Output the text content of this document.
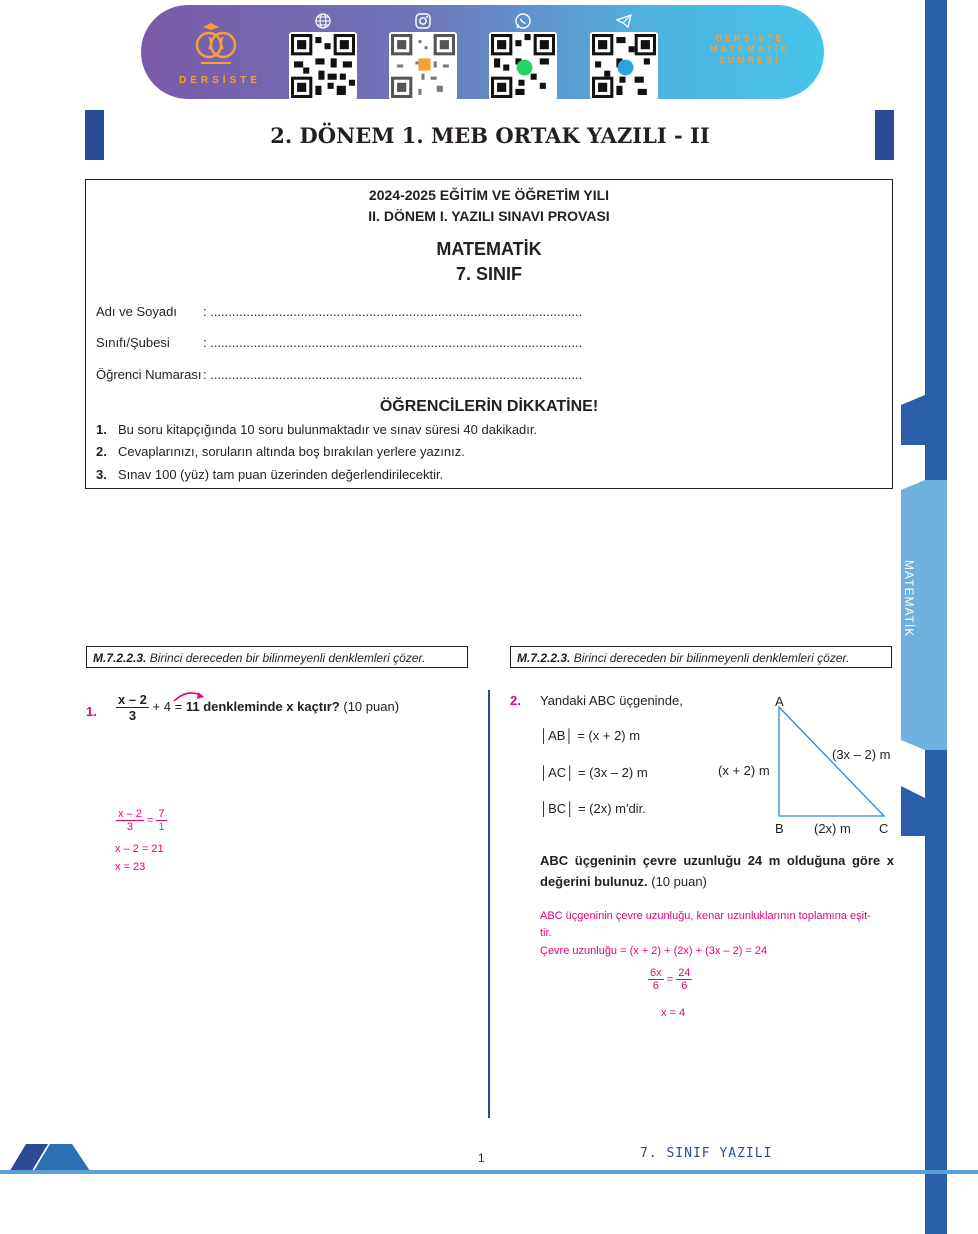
DERSİSTE
DERSİSTE
MATEMATİK
ZÜMRESİ
MATEMATİK
2. DÖNEM 1. MEB ORTAK YAZILI - II
2024-2025 EĞİTİM VE ÖĞRETİM YILI
II. DÖNEM I. YAZILI SINAVI PROVASI
MATEMATİK
7. SINIF
Adı ve Soyadı : .......................................................................................................
Sınıfı/Şubesi	: .......................................................................................................
Öğrenci Numarası : .......................................................................................................
ÖĞRENCİLERİN DİKKATİNE!
1. Bu soru kitapçığında 10 soru bulunmaktadır ve sınav süresi 40 dakikadır.
2. Cevaplarınızı, soruların altında boş bırakılan yerlere yazınız.
3. Sınav 100 (yüz) tam puan üzerinden değerlendirilecektir.
M.7.2.2.3. Birinci dereceden bir bilinmeyenli denklemleri çözer.	M.7.2.2.3. Birinci dereceden bir bilinmeyenli denklemleri çözer.
1. $\frac{x - 2}{3} + 4 = 11$ denkleminde x kaçtır? (10 puan)
$\frac{x - 2}{3} = \frac{7}{1}$
x – 2 = 21
x = 23
2. Yandaki ABC üçgeninde,
│AB│ = (x + 2) m
│AC│ = (3x – 2) m
│BC│ = (2x) m'dir.
A
B	C
(x + 2) m
(3x – 2) m
(2x) m
ABC üçgeninin çevre uzunluğu 24 m olduğuna göre x değerini bulunuz. (10 puan)
ABC üçgeninin çevre uzunluğu, kenar uzunluklarının toplamına eşit-
tir.
Çevre uzunluğu = (x + 2) + (2x) + (3x – 2) = 24
$\frac{6x}{6} = \frac{24}{6}$
x = 4
1	7. SINIF YAZILI
